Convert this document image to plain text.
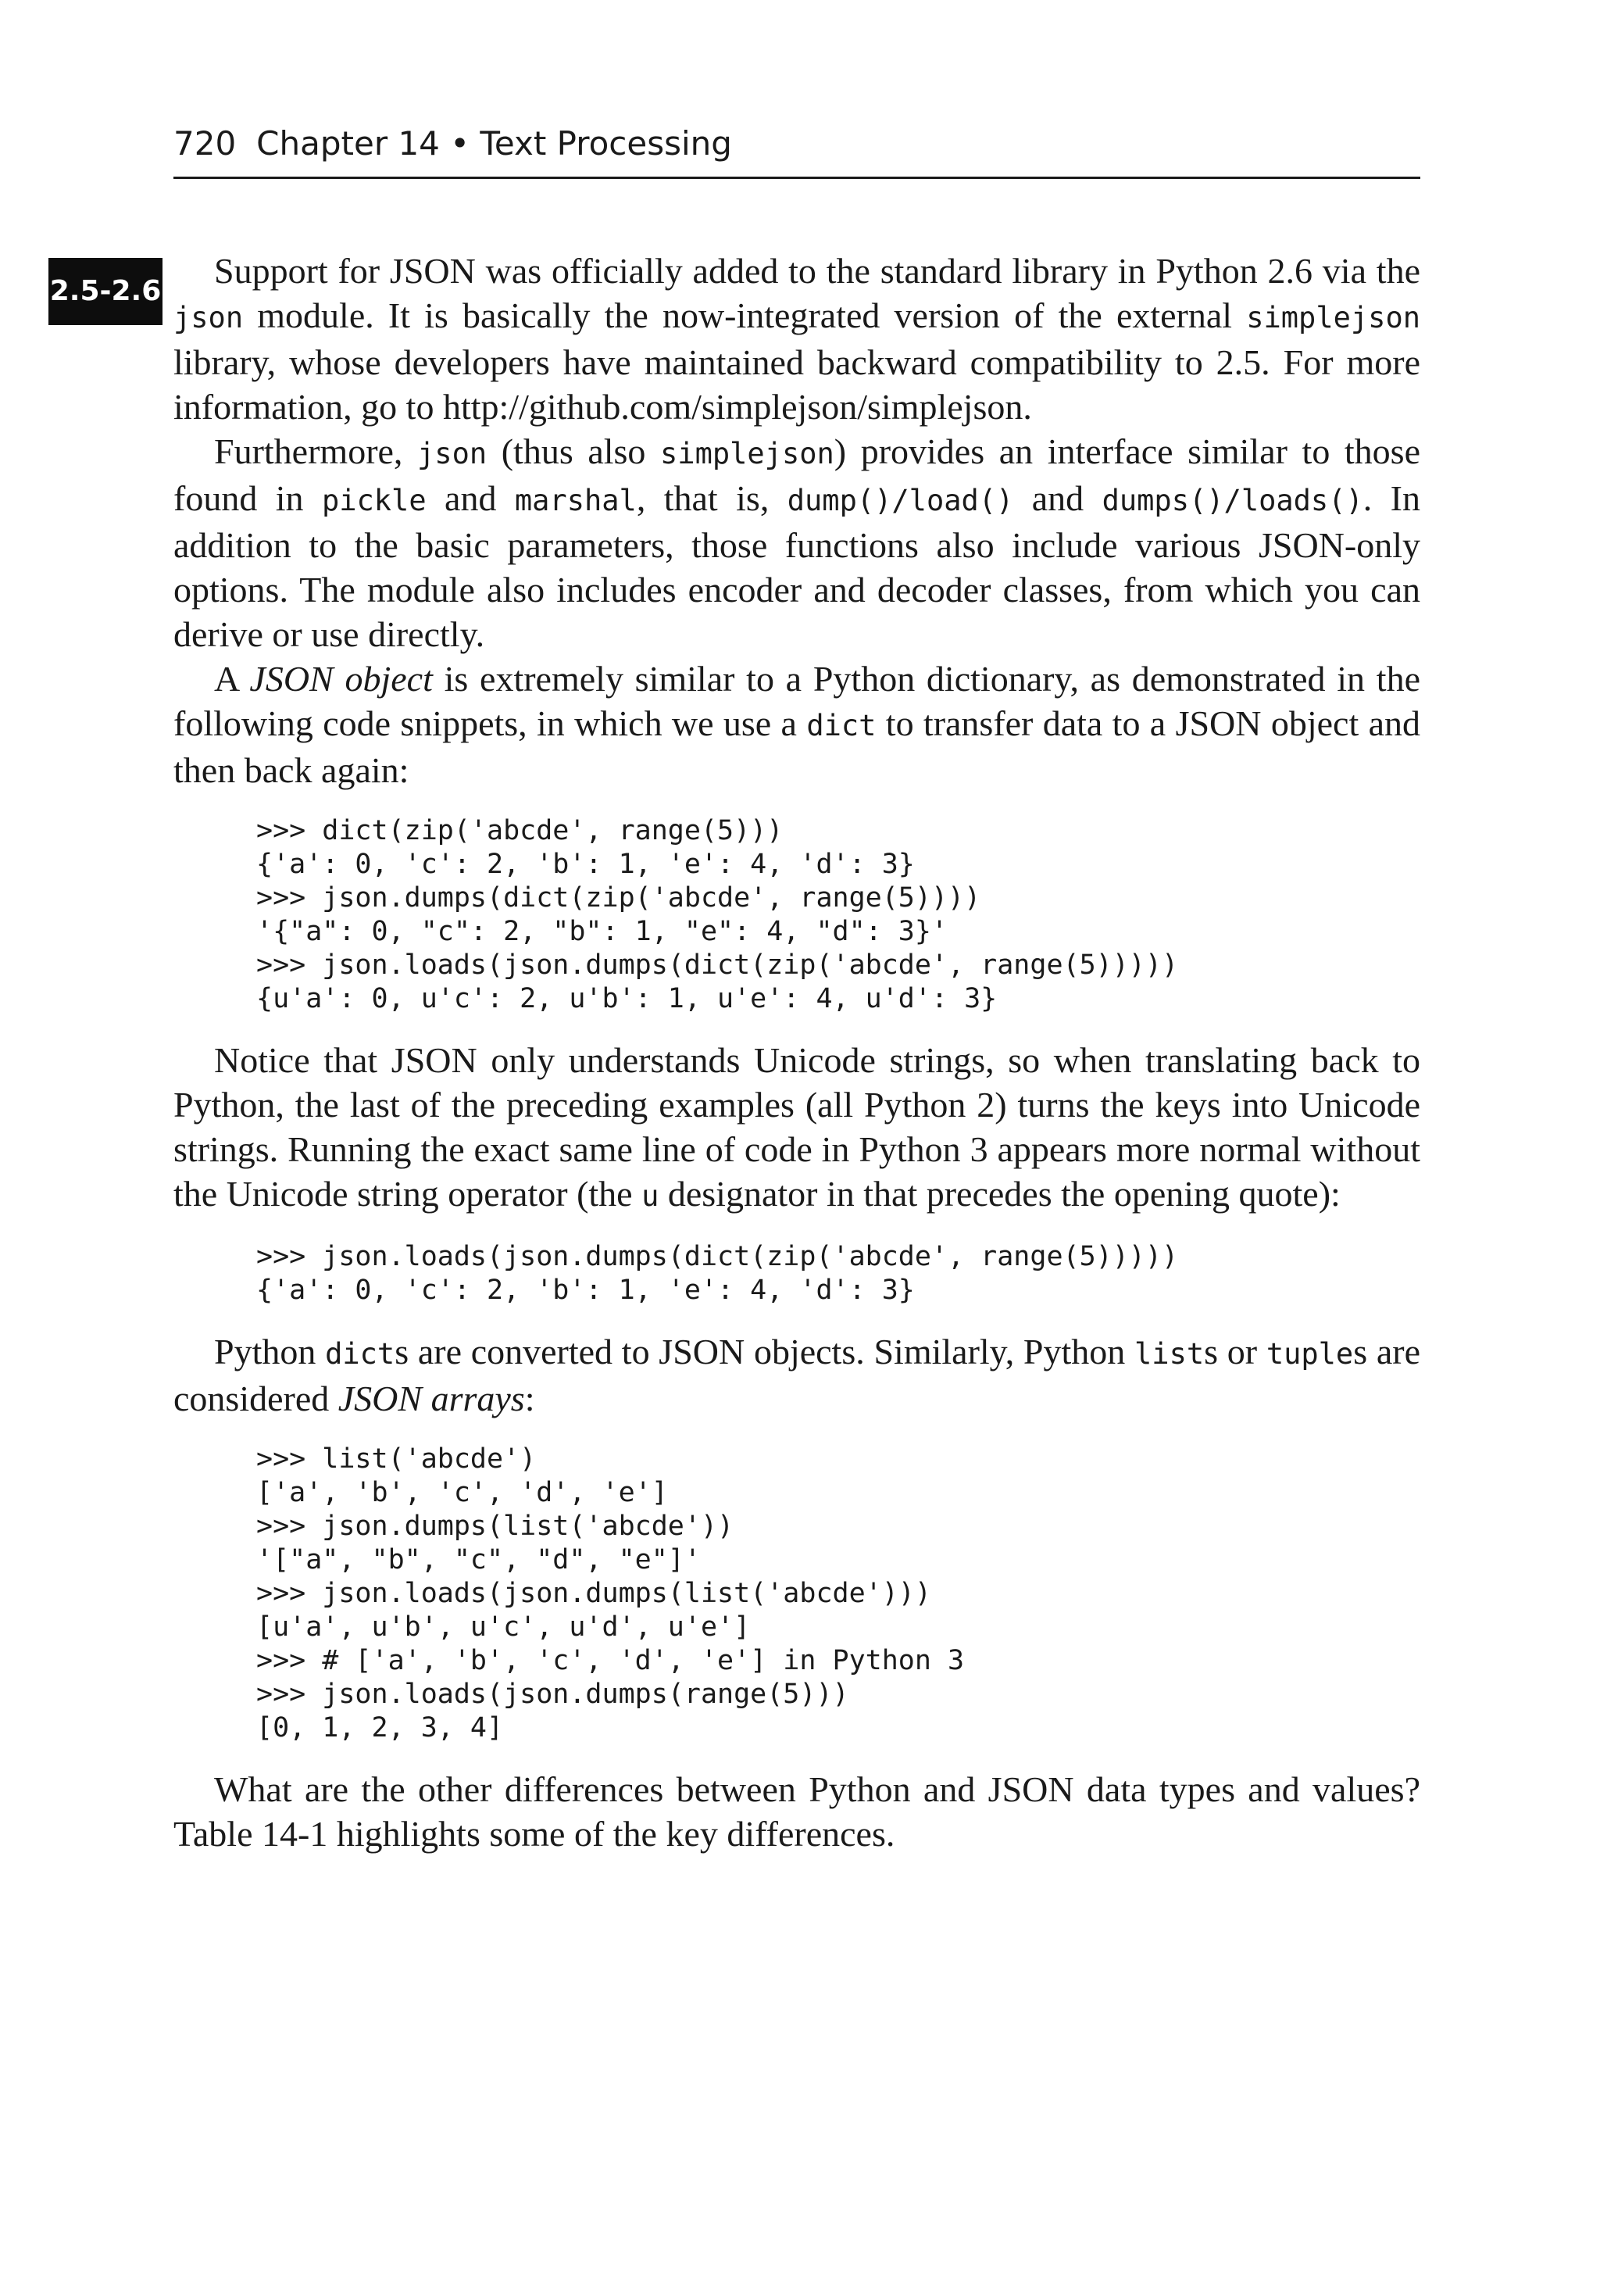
720 Chapter 14 • Text Processing
2.5-2.6

Support for JSON was officially added to the standard library in Python 2.6 via the json module. It is basically the now-integrated version of the external simplejson library, whose developers have maintained backward compatibility to 2.5. For more information, go to http://github.com/simplejson/simplejson.

Furthermore, json (thus also simplejson) provides an interface similar to those found in pickle and marshal, that is, dump()/load() and dumps()/loads(). In addition to the basic parameters, those functions also include various JSON-only options. The module also includes encoder and decoder classes, from which you can derive or use directly.

A JSON object is extremely similar to a Python dictionary, as demonstrated in the following code snippets, in which we use a dict to transfer data to a JSON object and then back again:

>>> dict(zip('abcde', range(5)))
{'a': 0, 'c': 2, 'b': 1, 'e': 4, 'd': 3}
>>> json.dumps(dict(zip('abcde', range(5))))
'{"a": 0, "c": 2, "b": 1, "e": 4, "d": 3}'
>>> json.loads(json.dumps(dict(zip('abcde', range(5)))))
{u'a': 0, u'c': 2, u'b': 1, u'e': 4, u'd': 3}

Notice that JSON only understands Unicode strings, so when translating back to Python, the last of the preceding examples (all Python 2) turns the keys into Unicode strings. Running the exact same line of code in Python 3 appears more normal without the Unicode string operator (the u designator in that precedes the opening quote):

>>> json.loads(json.dumps(dict(zip('abcde', range(5)))))
{'a': 0, 'c': 2, 'b': 1, 'e': 4, 'd': 3}

Python dicts are converted to JSON objects. Similarly, Python lists or tuples are considered JSON arrays:

>>> list('abcde')
['a', 'b', 'c', 'd', 'e']
>>> json.dumps(list('abcde'))
'["a", "b", "c", "d", "e"]'
>>> json.loads(json.dumps(list('abcde')))
[u'a', u'b', u'c', u'd', u'e']
>>> # ['a', 'b', 'c', 'd', 'e'] in Python 3
>>> json.loads(json.dumps(range(5)))
[0, 1, 2, 3, 4]

What are the other differences between Python and JSON data types and values? Table 14-1 highlights some of the key differences.
